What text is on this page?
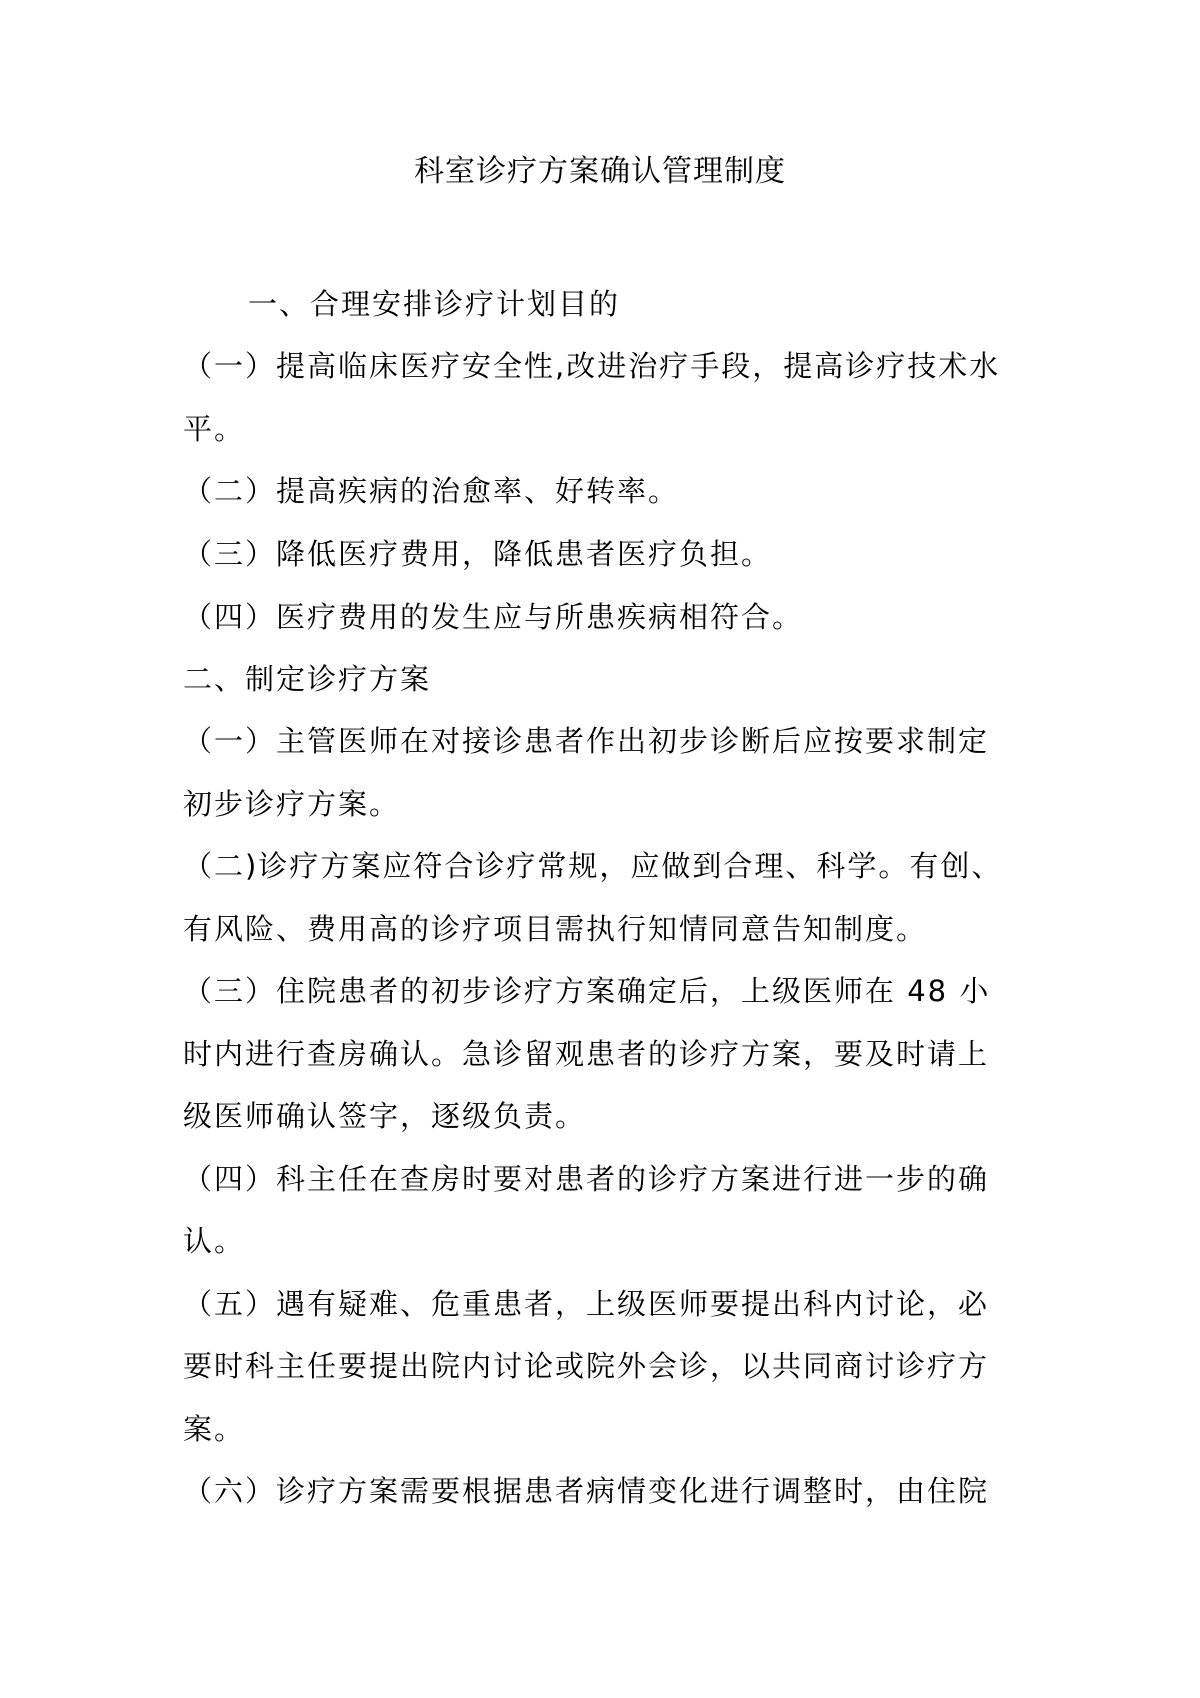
科室诊疗方案确认管理制度
一、合理安排诊疗计划目的
（一）提高临床医疗安全性,改进治疗手段，提高诊疗技术水
平。
（二）提高疾病的治愈率、好转率。
（三）降低医疗费用，降低患者医疗负担。
（四）医疗费用的发生应与所患疾病相符合。
二、制定诊疗方案
（一）主管医师在对接诊患者作出初步诊断后应按要求制定
初步诊疗方案。
（二)诊疗方案应符合诊疗常规，应做到合理、科学。有创、
有风险、费用高的诊疗项目需执行知情同意告知制度。
（三）住院患者的初步诊疗方案确定后，上级医师在 48 小
时内进行查房确认。急诊留观患者的诊疗方案，要及时请上
级医师确认签字，逐级负责。
（四）科主任在查房时要对患者的诊疗方案进行进一步的确
认。
（五）遇有疑难、危重患者，上级医师要提出科内讨论，必
要时科主任要提出院内讨论或院外会诊，以共同商讨诊疗方
案。
（六）诊疗方案需要根据患者病情变化进行调整时，由住院
